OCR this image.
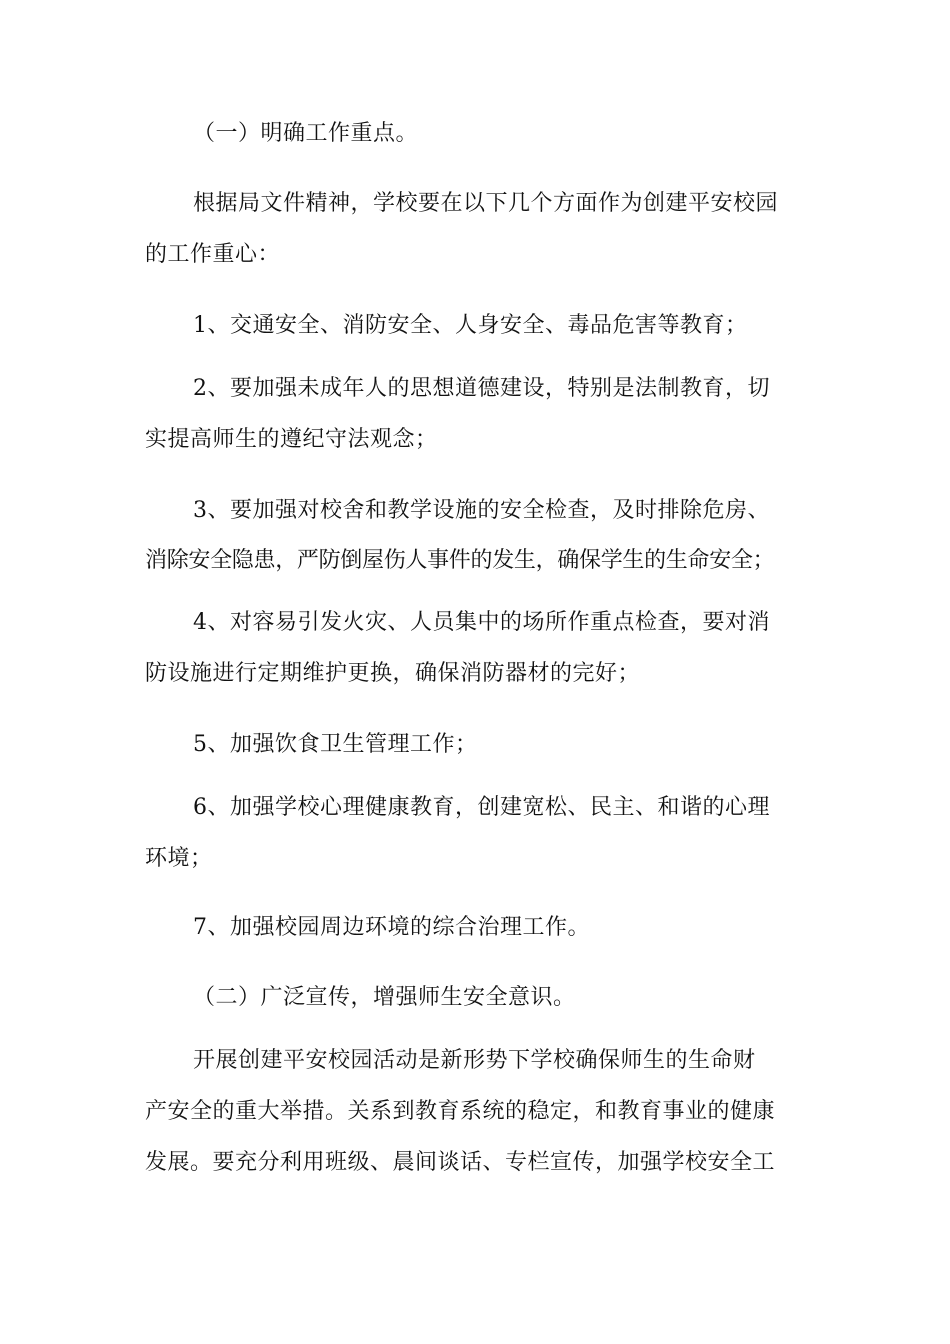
（一）明确工作重点。
根据局文件精神，学校要在以下几个方面作为创建平安校园
的工作重心：
1、交通安全、消防安全、人身安全、毒品危害等教育；
2、要加强未成年人的思想道德建设，特别是法制教育，切
实提高师生的遵纪守法观念；
3、要加强对校舍和教学设施的安全检查，及时排除危房、
消除安全隐患，严防倒屋伤人事件的发生，确保学生的生命安全；
4、对容易引发火灾、人员集中的场所作重点检查，要对消
防设施进行定期维护更换，确保消防器材的完好；
5、加强饮食卫生管理工作；
6、加强学校心理健康教育，创建宽松、民主、和谐的心理
环境；
7、加强校园周边环境的综合治理工作。
（二）广泛宣传，增强师生安全意识。
开展创建平安校园活动是新形势下学校确保师生的生命财
产安全的重大举措。关系到教育系统的稳定，和教育事业的健康
发展。要充分利用班级、晨间谈话、专栏宣传，加强学校安全工
